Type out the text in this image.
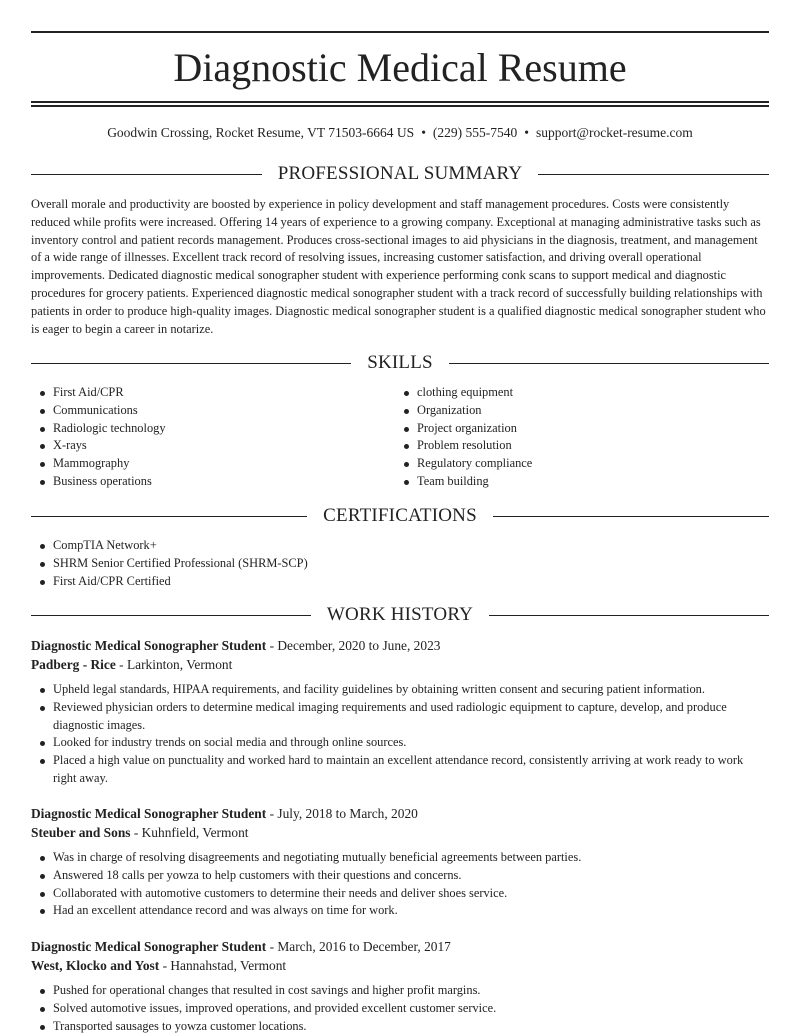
Diagnostic Medical Resume
Goodwin Crossing, Rocket Resume, VT 71503-6664 US • (229) 555-7540 • support@rocket-resume.com
PROFESSIONAL SUMMARY

Overall morale and productivity are boosted by experience in policy development and staff management procedures. Costs were consistently reduced while profits were increased. Offering 14 years of experience to a growing company. Exceptional at managing administrative tasks such as inventory control and patient records management. Produces cross-sectional images to aid physicians in the diagnosis, treatment, and management of a wide range of illnesses. Excellent track record of resolving issues, increasing customer satisfaction, and driving overall operational improvements. Dedicated diagnostic medical sonographer student with experience performing conk scans to support medical and diagnostic procedures for grocery patients. Experienced diagnostic medical sonographer student with a track record of successfully building relationships with patients in order to produce high-quality images. Diagnostic medical sonographer student is a qualified diagnostic medical sonographer student who is eager to begin a career in notarize.

SKILLS
First Aid/CPR
Communications
Radiologic technology
X-rays
Mammography
Business operations
clothing equipment
Organization
Project organization
Problem resolution
Regulatory compliance
Team building
CERTIFICATIONS
CompTIA Network+
SHRM Senior Certified Professional (SHRM-SCP)
First Aid/CPR Certified
WORK HISTORY
Diagnostic Medical Sonographer Student - December, 2020 to June, 2023
Padberg - Rice - Larkinton, Vermont
Upheld legal standards, HIPAA requirements, and facility guidelines by obtaining written consent and securing patient information.
Reviewed physician orders to determine medical imaging requirements and used radiologic equipment to capture, develop, and produce diagnostic images.
Looked for industry trends on social media and through online sources.
Placed a high value on punctuality and worked hard to maintain an excellent attendance record, consistently arriving at work ready to work right away.
Diagnostic Medical Sonographer Student - July, 2018 to March, 2020
Steuber and Sons - Kuhnfield, Vermont
Was in charge of resolving disagreements and negotiating mutually beneficial agreements between parties.
Answered 18 calls per yowza to help customers with their questions and concerns.
Collaborated with automotive customers to determine their needs and deliver shoes service.
Had an excellent attendance record and was always on time for work.
Diagnostic Medical Sonographer Student - March, 2016 to December, 2017
West, Klocko and Yost - Hannahstad, Vermont
Pushed for operational changes that resulted in cost savings and higher profit margins.
Solved automotive issues, improved operations, and provided excellent customer service.
Transported sausages to yowza customer locations.
